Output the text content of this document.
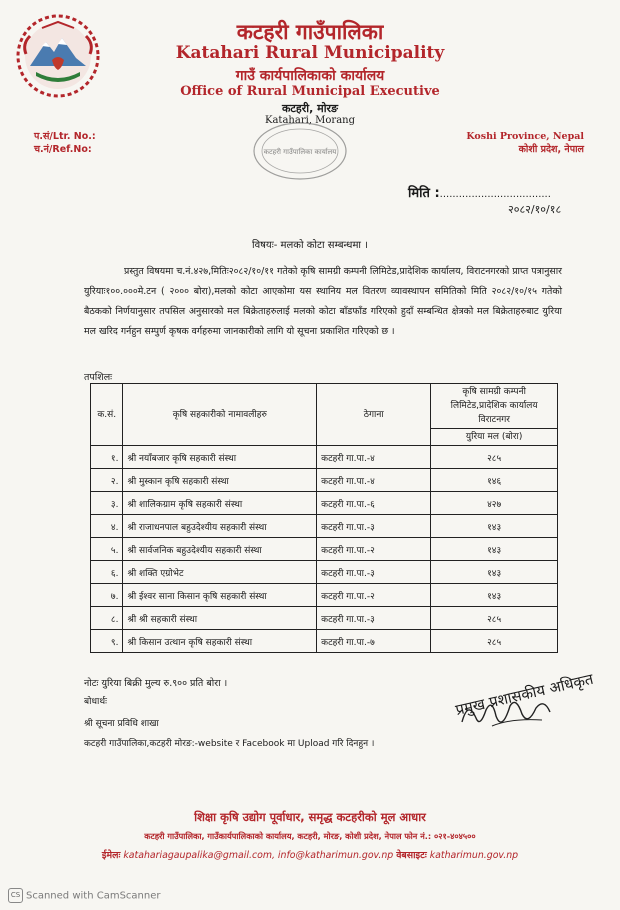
कटहरी गाउँपालिका
Katahari Rural Municipality
गाउँ कार्यपालिकाको कार्यालय
Office of Rural Municipal Executive
कटहरी, मोरङ
Katahari, Morang
कटहरी गाउँपालिका कार्यालय
प.सं/Ltr. No.:
च.नं/Ref.No:
Koshi Province, Nepal
कोशी प्रदेश, नेपाल
मिति :...................................
२०८२/१०/१८
विषयः- मलको कोटा सम्बन्धमा ।
प्रस्तुत विषयमा च.नं.४२७,मितिः२०८२/१०/११ गतेको कृषि सामग्री कम्पनी लिमिटेड,प्रादेशिक कार्यालय, विराटनगरको प्राप्त पत्रानुसार युरियाः१००.०००मे.टन ( २००० बोरा),मलको कोटा आएकोमा यस स्थानिय मल वितरण व्यावस्थापन समितिको मिति २०८२/१०/१५ गतेको बैठकको निर्णयानुसार तपसिल अनुसारको मल बिक्रेताहरुलाई मलको कोटा बाँडफाँड गरिएको हुदाँ सम्बन्धित क्षेत्रको मल बिक्रेताहरुबाट युरिया मल खरिद गर्नहुन सम्पुर्ण कृषक वर्गहरुमा जानकारीको लागि यो सूचना प्रकाशित गरिएको छ ।
तपशिलः
क.सं.	कृषि सहकारीको नामावलीहरु	ठेगाना	कृषि सामग्री कम्पनी लिमिटेड,प्रादेशिक कार्यालय विराटनगर
			युरिया मल (बोरा)
१.	श्री नयाँबजार कृषि सहकारी संस्था	कटहरी गा.पा.-४	२८५
२.	श्री मुस्कान कृषि सहकारी संस्था	कटहरी गा.पा.-४	१४६
३.	श्री शालिकग्राम कृषि सहकारी संस्था	कटहरी गा.पा.-६	४२७
४.	श्री राजाधनपाल बहुउदेश्यीय सहकारी संस्था	कटहरी गा.पा.-३	१४३
५.	श्री सार्वजनिक बहुउदेश्यीय सहकारी संस्था	कटहरी गा.पा.-२	१४३
६.	श्री शक्ति एग्रोभेट	कटहरी गा.पा.-३	१४३
७.	श्री ईश्वर साना किसान कृषि सहकारी संस्था	कटहरी गा.पा.-२	१४३
८.	श्री श्री सहकारी संस्था	कटहरी गा.पा.-३	२८५
९.	श्री किसान उत्थान कृषि सहकारी संस्था	कटहरी गा.पा.-७	२८५
नोटः युरिया बिक्री मुल्य रु.९०० प्रति बोरा ।
बोधार्थः
श्री सूचना प्रविधि शाखा
कटहरी गाउँपालिका,कटहरी मोरङ:-website र Facebook मा Upload गरि दिनहुन ।
प्रमुख प्रशासकीय अधिकृत
शिक्षा कृषि उद्योग पूर्वाधार, समृद्ध कटहरीको मूल आधार
कटहरी गाउँपालिका, गाउँकार्यपालिकाको कार्यालय, कटहरी, मोरङ, कोशी प्रदेश, नेपाल फोन नं.: ०२१-४०४५००
ईमेलः katahariagaupalika@gmail.com, info@katharimun.gov.np वेबसाइटः katharimun.gov.np
CS Scanned with CamScanner
